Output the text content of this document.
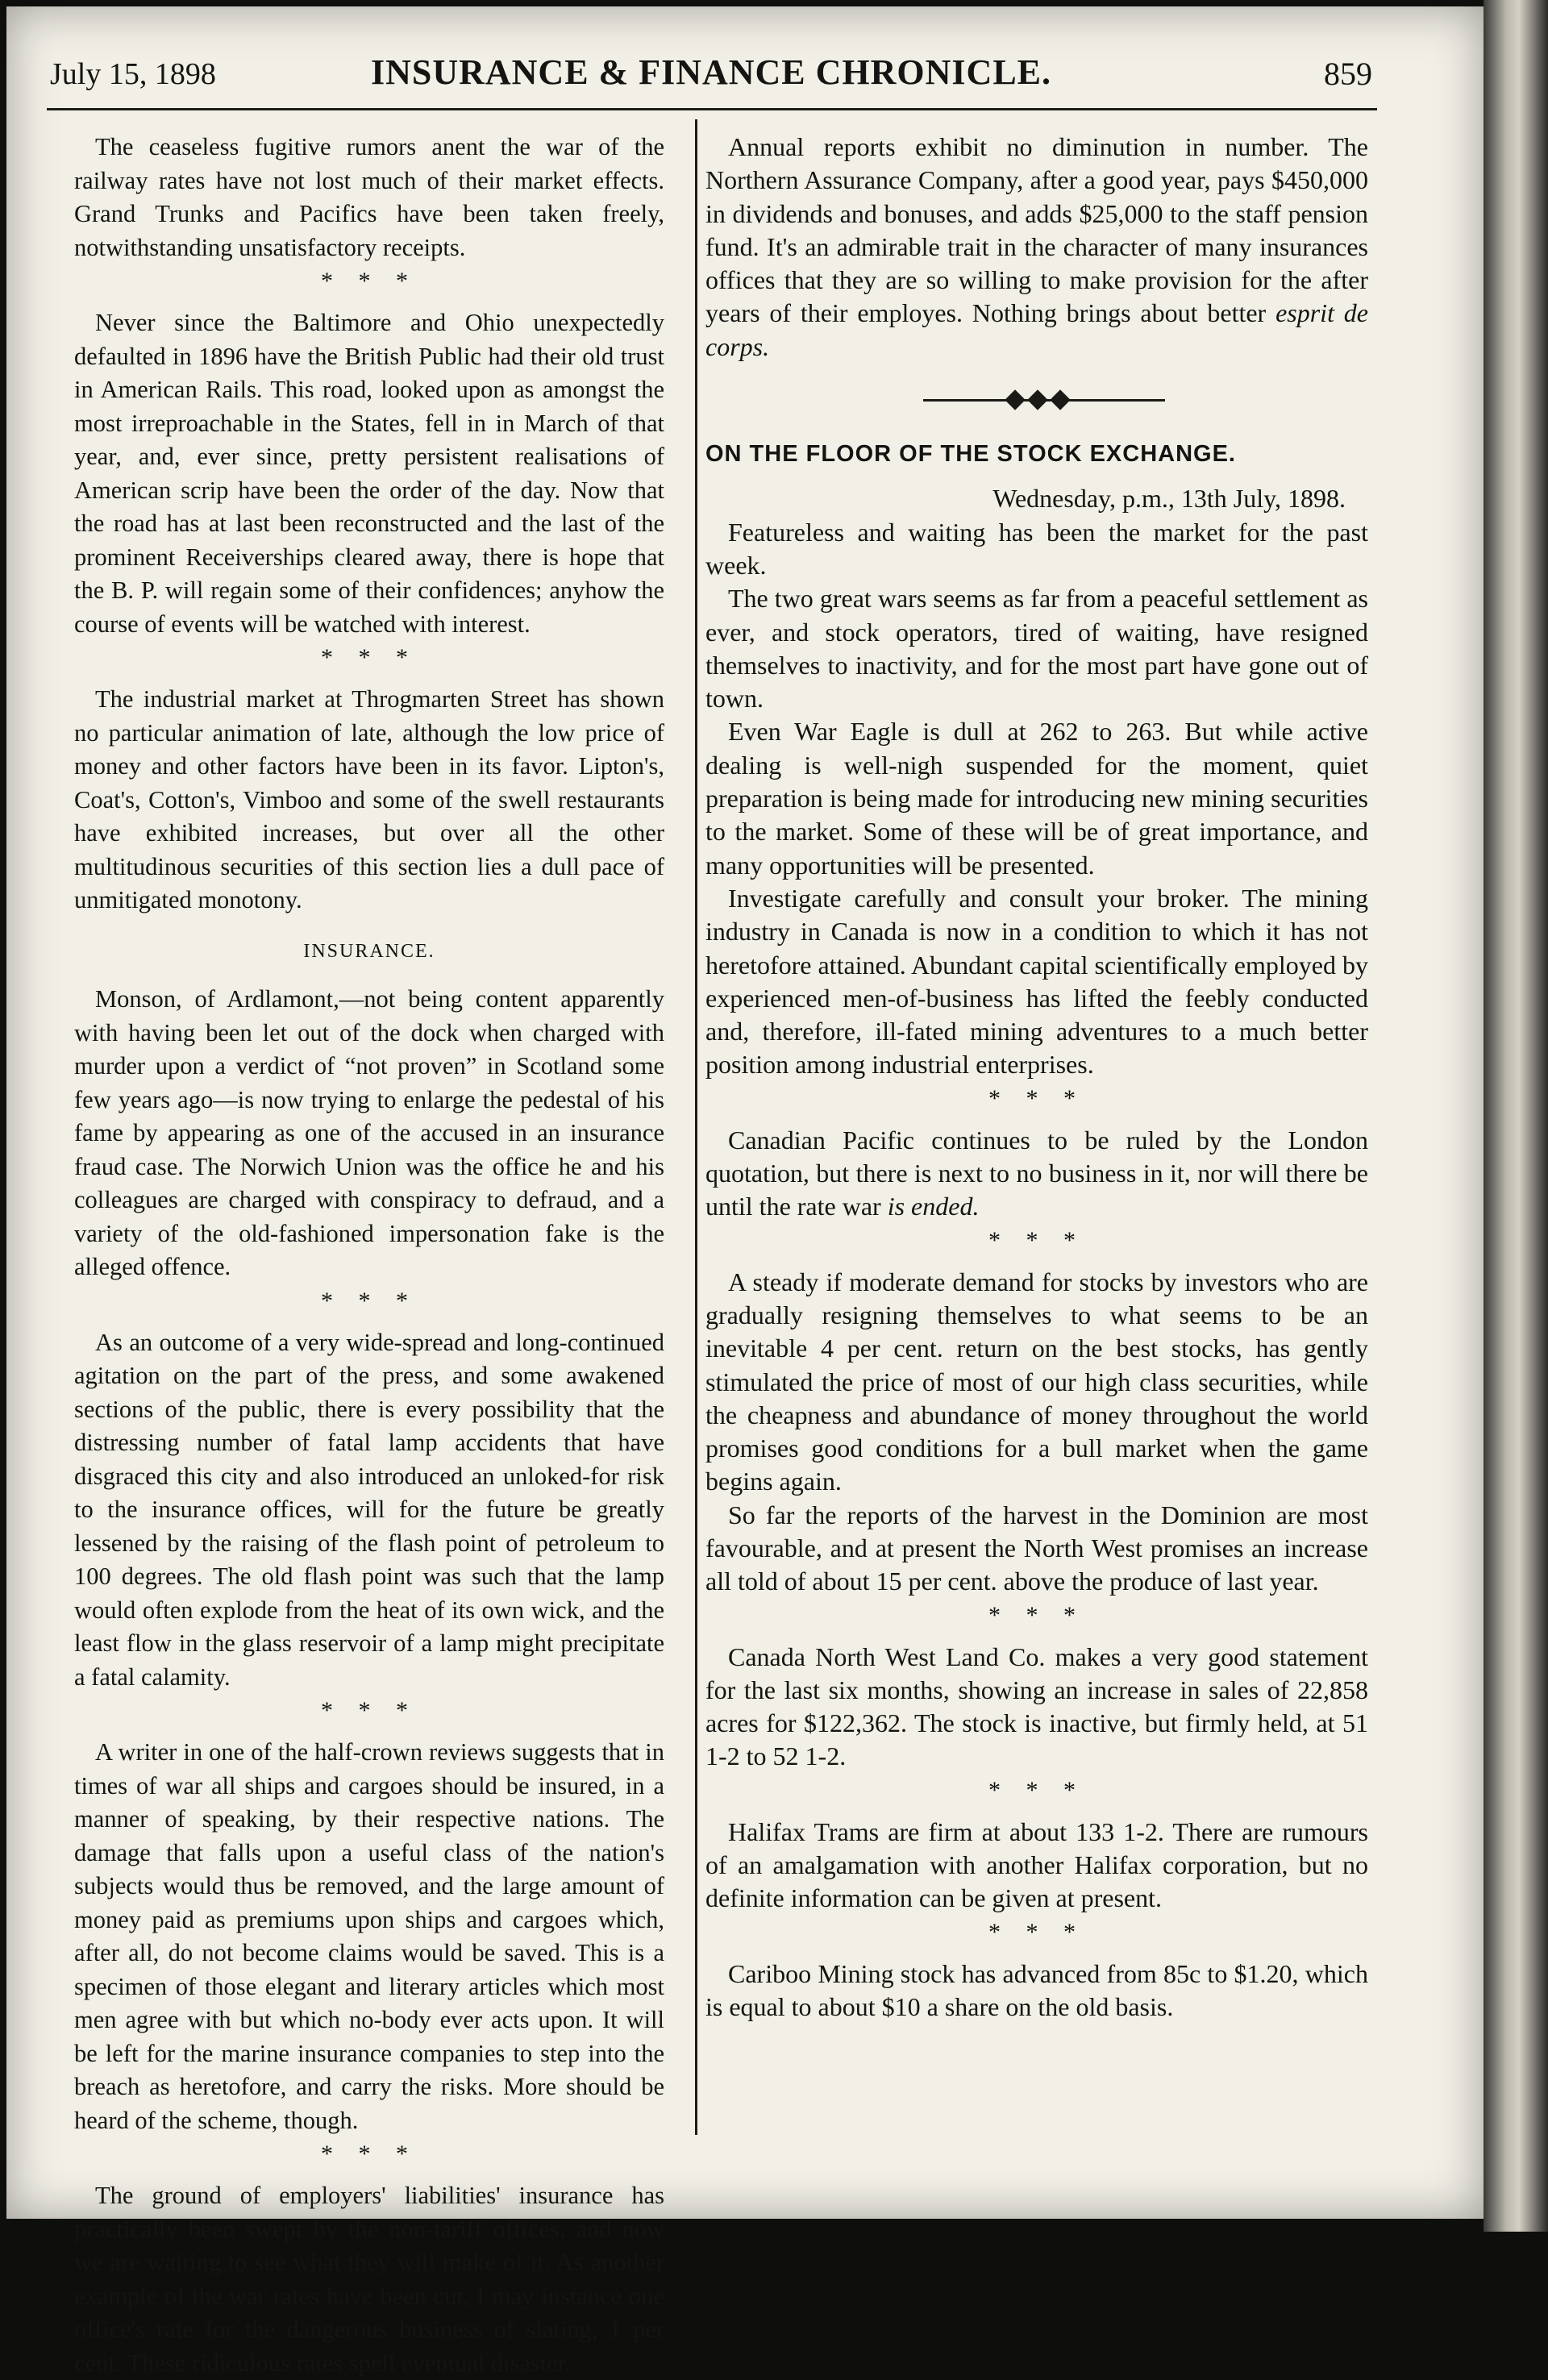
July 15, 1898	INSURANCE & FINANCE CHRONICLE.	859

The ceaseless fugitive rumors anent the war of the railway rates have not lost much of their market effects. Grand Trunks and Pacifics have been taken freely, notwithstanding unsatisfactory receipts.

* * *

Never since the Baltimore and Ohio unexpectedly defaulted in 1896 have the British Public had their old trust in American Rails. This road, looked upon as amongst the most irreproachable in the States, fell in in March of that year, and, ever since, pretty persistent realisations of American scrip have been the order of the day. Now that the road has at last been reconstructed and the last of the prominent Receiverships cleared away, there is hope that the B. P. will regain some of their confidences; anyhow the course of events will be watched with interest.

* * *

The industrial market at Throgmarten Street has shown no particular animation of late, although the low price of money and other factors have been in its favor. Lipton's, Coat's, Cotton's, Vimboo and some of the swell restaurants have exhibited increases, but over all the other multitudinous securities of this section lies a dull pace of unmitigated monotony.

INSURANCE.

Monson, of Ardlamont,—not being content apparently with having been let out of the dock when charged with murder upon a verdict of “not proven” in Scotland some few years ago—is now trying to enlarge the pedestal of his fame by appearing as one of the accused in an insurance fraud case. The Norwich Union was the office he and his colleagues are charged with conspiracy to defraud, and a variety of the old-fashioned impersonation fake is the alleged offence.

* * *

As an outcome of a very wide-spread and long-continued agitation on the part of the press, and some awakened sections of the public, there is every possibility that the distressing number of fatal lamp accidents that have disgraced this city and also introduced an unloked-for risk to the insurance offices, will for the future be greatly lessened by the raising of the flash point of petroleum to 100 degrees. The old flash point was such that the lamp would often explode from the heat of its own wick, and the least flow in the glass reservoir of a lamp might precipitate a fatal calamity.

* * *

A writer in one of the half-crown reviews suggests that in times of war all ships and cargoes should be insured, in a manner of speaking, by their respective nations. The damage that falls upon a useful class of the nation's subjects would thus be removed, and the large amount of money paid as premiums upon ships and cargoes which, after all, do not become claims would be saved. This is a specimen of those elegant and literary articles which most men agree with but which no-body ever acts upon. It will be left for the marine insurance companies to step into the breach as heretofore, and carry the risks. More should be heard of the scheme, though.

* * *

The ground of employers' liabilities' insurance has practically been swept by the non-tariff offices, and now we are waiting to see what they will make of it. As another example of the war rates have been cut, I may instance one office's rate for the dangerous business of slating, 1 per cent. These ridiculous rates spell eventual disaster.

Annual reports exhibit no diminution in number. The Northern Assurance Company, after a good year, pays $450,000 in dividends and bonuses, and adds $25,000 to the staff pension fund. It's an admirable trait in the character of many insurances offices that they are so willing to make provision for the after years of their employes. Nothing brings about better esprit de corps.

ON THE FLOOR OF THE STOCK EXCHANGE.

Wednesday, p.m., 13th July, 1898.

Featureless and waiting has been the market for the past week.

The two great wars seems as far from a peaceful settlement as ever, and stock operators, tired of waiting, have resigned themselves to inactivity, and for the most part have gone out of town.

Even War Eagle is dull at 262 to 263. But while active dealing is well-nigh suspended for the moment, quiet preparation is being made for introducing new mining securities to the market. Some of these will be of great importance, and many opportunities will be presented.

Investigate carefully and consult your broker. The mining industry in Canada is now in a condition to which it has not heretofore attained. Abundant capital scientifically employed by experienced men-of-business has lifted the feebly conducted and, therefore, ill-fated mining adventures to a much better position among industrial enterprises.

* * *

Canadian Pacific continues to be ruled by the London quotation, but there is next to no business in it, nor will there be until the rate war is ended.

* * *

A steady if moderate demand for stocks by investors who are gradually resigning themselves to what seems to be an inevitable 4 per cent. return on the best stocks, has gently stimulated the price of most of our high class securities, while the cheapness and abundance of money throughout the world promises good conditions for a bull market when the game begins again.

So far the reports of the harvest in the Dominion are most favourable, and at present the North West promises an increase all told of about 15 per cent. above the produce of last year.

* * *

Canada North West Land Co. makes a very good statement for the last six months, showing an increase in sales of 22,858 acres for $122,362. The stock is inactive, but firmly held, at 51 1-2 to 52 1-2.

* * *

Halifax Trams are firm at about 133 1-2. There are rumours of an amalgamation with another Halifax corporation, but no definite information can be given at present.

* * *

Cariboo Mining stock has advanced from 85c to $1.20, which is equal to about $10 a share on the old basis.
